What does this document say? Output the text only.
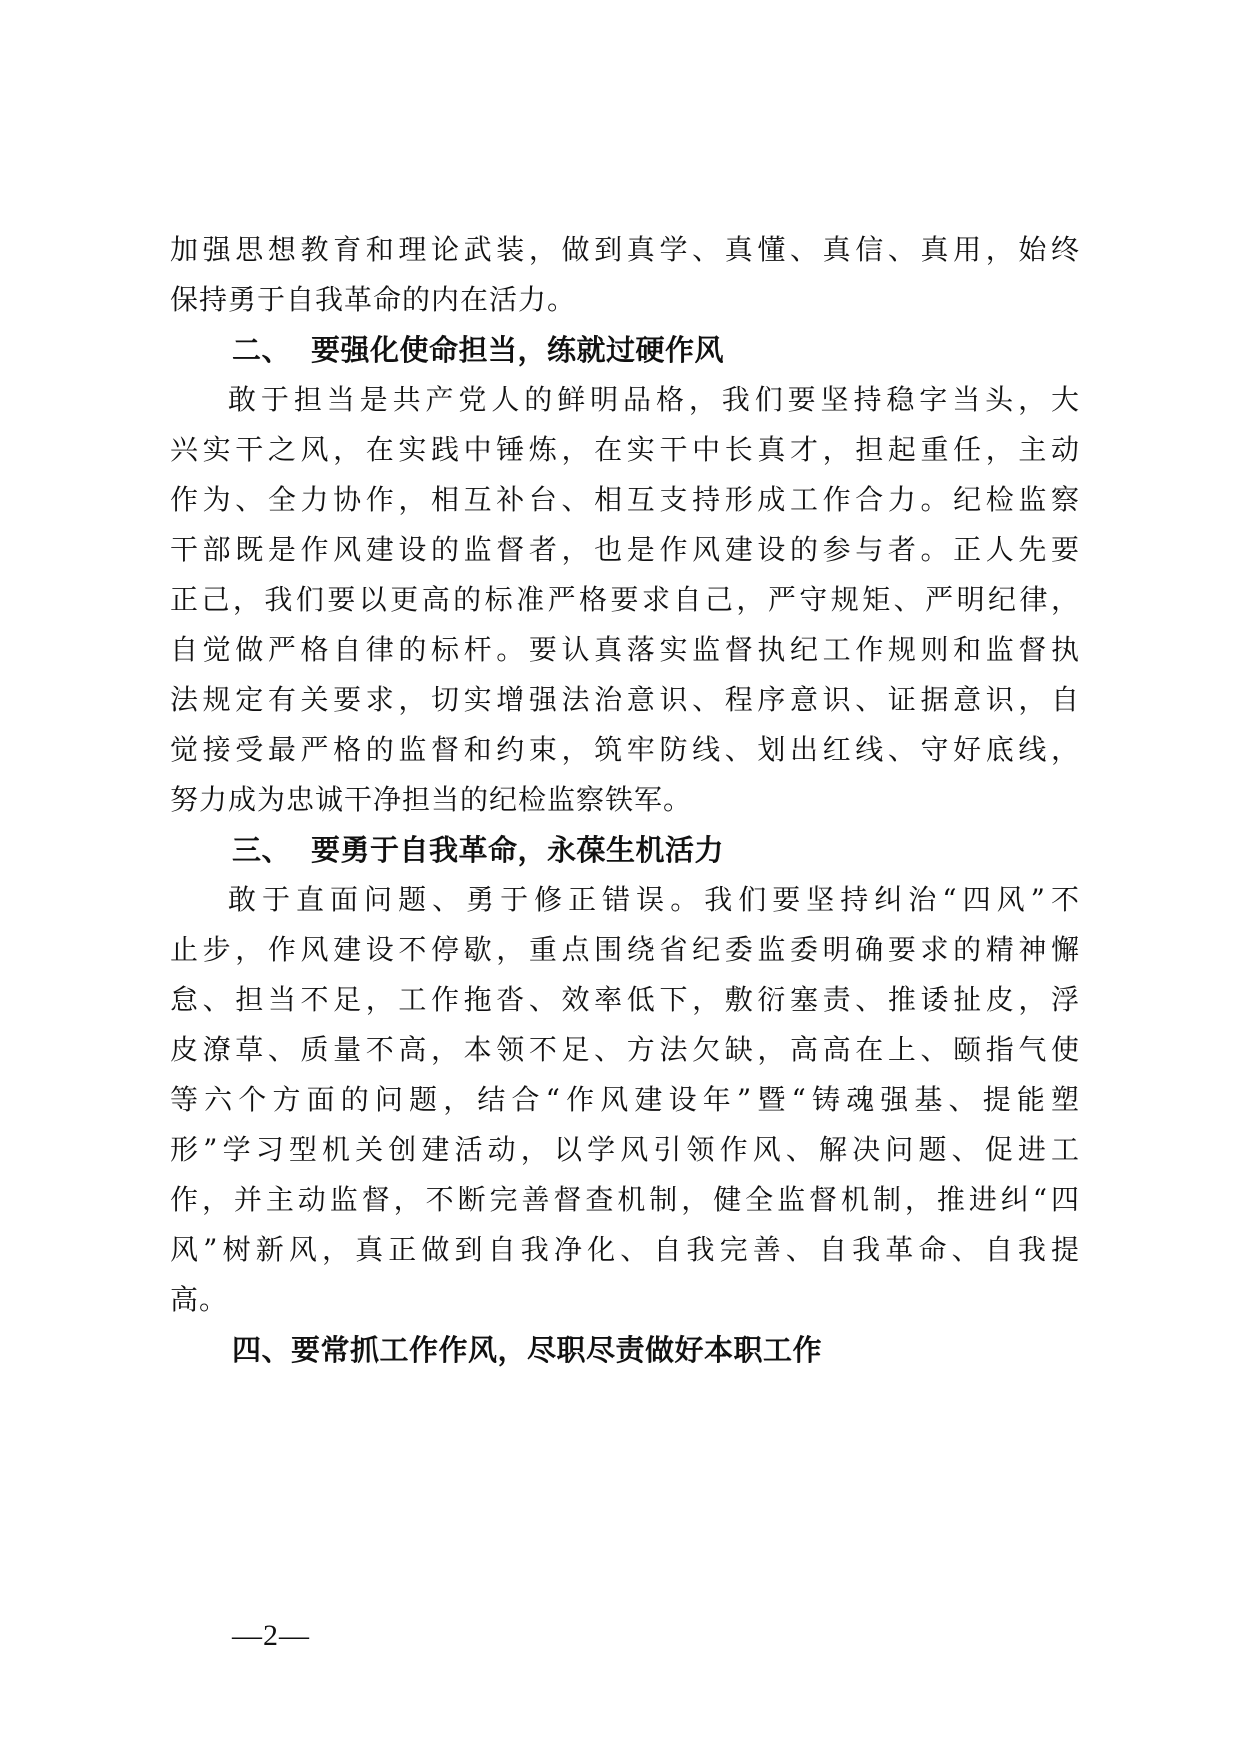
加强思想教育和理论武装，做到真学、真懂、真信、真用，始终
保持勇于自我革命的内在活力。
二、 要强化使命担当，练就过硬作风
敢于担当是共产党人的鲜明品格，我们要坚持稳字当头，大
兴实干之风，在实践中锤炼，在实干中长真才，担起重任，主动
作为、全力协作，相互补台、相互支持形成工作合力。纪检监察
干部既是作风建设的监督者，也是作风建设的参与者。正人先要
正己，我们要以更高的标准严格要求自己，严守规矩、严明纪律，
自觉做严格自律的标杆。要认真落实监督执纪工作规则和监督执
法规定有关要求，切实增强法治意识、程序意识、证据意识，自
觉接受最严格的监督和约束，筑牢防线、划出红线、守好底线，
努力成为忠诚干净担当的纪检监察铁军。
三、 要勇于自我革命，永葆生机活力
敢于直面问题、勇于修正错误。我们要坚持纠治“四风”不
止步，作风建设不停歇，重点围绕省纪委监委明确要求的精神懈
怠、担当不足，工作拖沓、效率低下，敷衍塞责、推诿扯皮，浮
皮潦草、质量不高，本领不足、方法欠缺，高高在上、颐指气使
等六个方面的问题，结合“作风建设年”暨“铸魂强基、提能塑
形”学习型机关创建活动，以学风引领作风、解决问题、促进工
作，并主动监督，不断完善督查机制，健全监督机制，推进纠“四
风”树新风，真正做到自我净化、自我完善、自我革命、自我提
高。
四、要常抓工作作风，尽职尽责做好本职工作
—2—
